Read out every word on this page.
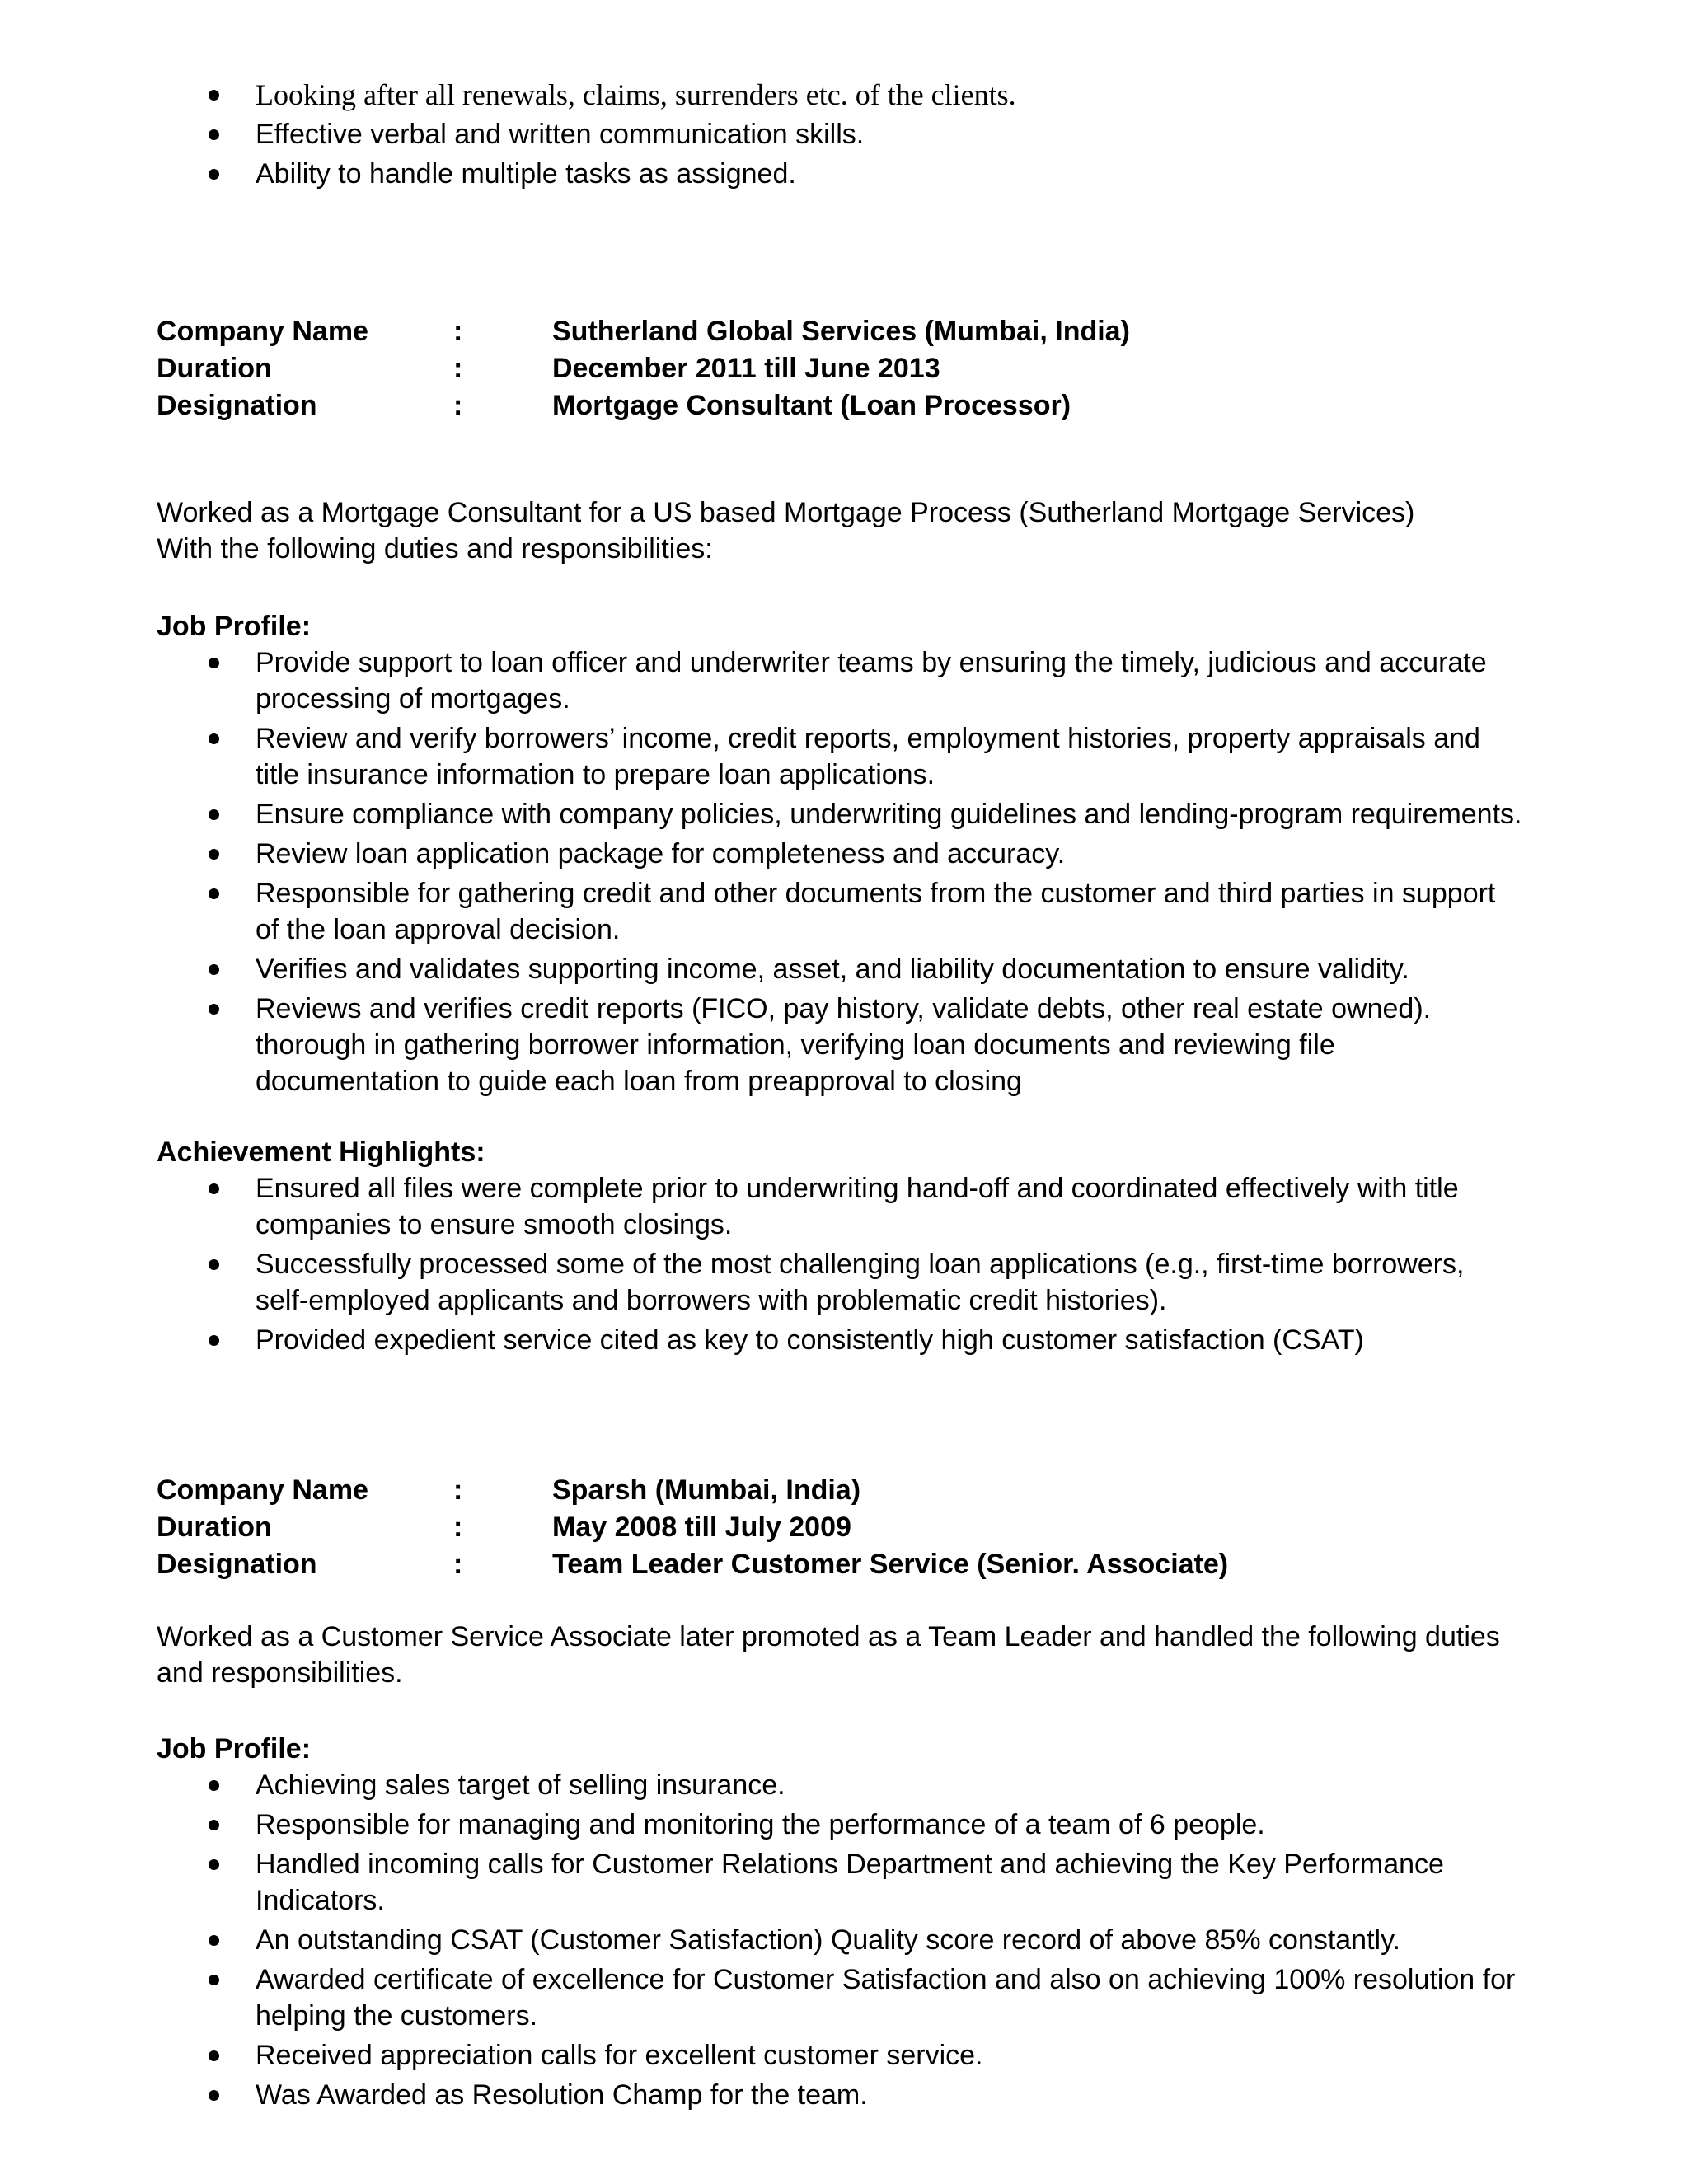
Looking after all renewals, claims, surrenders etc. of the clients.
Effective verbal and written communication skills.
Ability to handle multiple tasks as assigned.
Company Name	:	Sutherland Global Services (Mumbai, India)
Duration	:	December 2011 till June 2013
Designation	:	Mortgage Consultant (Loan Processor)

Worked as a Mortgage Consultant for a US based Mortgage Process (Sutherland Mortgage Services)

With the following duties and responsibilities:

Job Profile:

Provide support to loan officer and underwriter teams by ensuring the timely, judicious and accurate processing of mortgages.
Review and verify borrowers’ income, credit reports, employment histories, property appraisals and title insurance information to prepare loan applications.
Ensure compliance with company policies, underwriting guidelines and lending-program requirements.
Review loan application package for completeness and accuracy.
Responsible for gathering credit and other documents from the customer and third parties in support of the loan approval decision.
Verifies and validates supporting income, asset, and liability documentation to ensure validity.
Reviews and verifies credit reports (FICO, pay history, validate debts, other real estate owned). thorough in gathering borrower information, verifying loan documents and reviewing file documentation to guide each loan from preapproval to closing

Achievement Highlights:

Ensured all files were complete prior to underwriting hand-off and coordinated effectively with title companies to ensure smooth closings.
Successfully processed some of the most challenging loan applications (e.g., first-time borrowers, self-employed applicants and borrowers with problematic credit histories).
Provided expedient service cited as key to consistently high customer satisfaction (CSAT)
Company Name	:	Sparsh (Mumbai, India)
Duration	:	May 2008 till July 2009
Designation	:	Team Leader Customer Service (Senior. Associate)

Worked as a Customer Service Associate later promoted as a Team Leader and handled the following duties and responsibilities.

Job Profile:

Achieving sales target of selling insurance.
Responsible for managing and monitoring the performance of a team of 6 people.
Handled incoming calls for Customer Relations Department and achieving the Key Performance Indicators.
An outstanding CSAT (Customer Satisfaction) Quality score record of above 85% constantly.
Awarded certificate of excellence for Customer Satisfaction and also on achieving 100% resolution for helping the customers.
Received appreciation calls for excellent customer service.
Was Awarded as Resolution Champ for the team.
